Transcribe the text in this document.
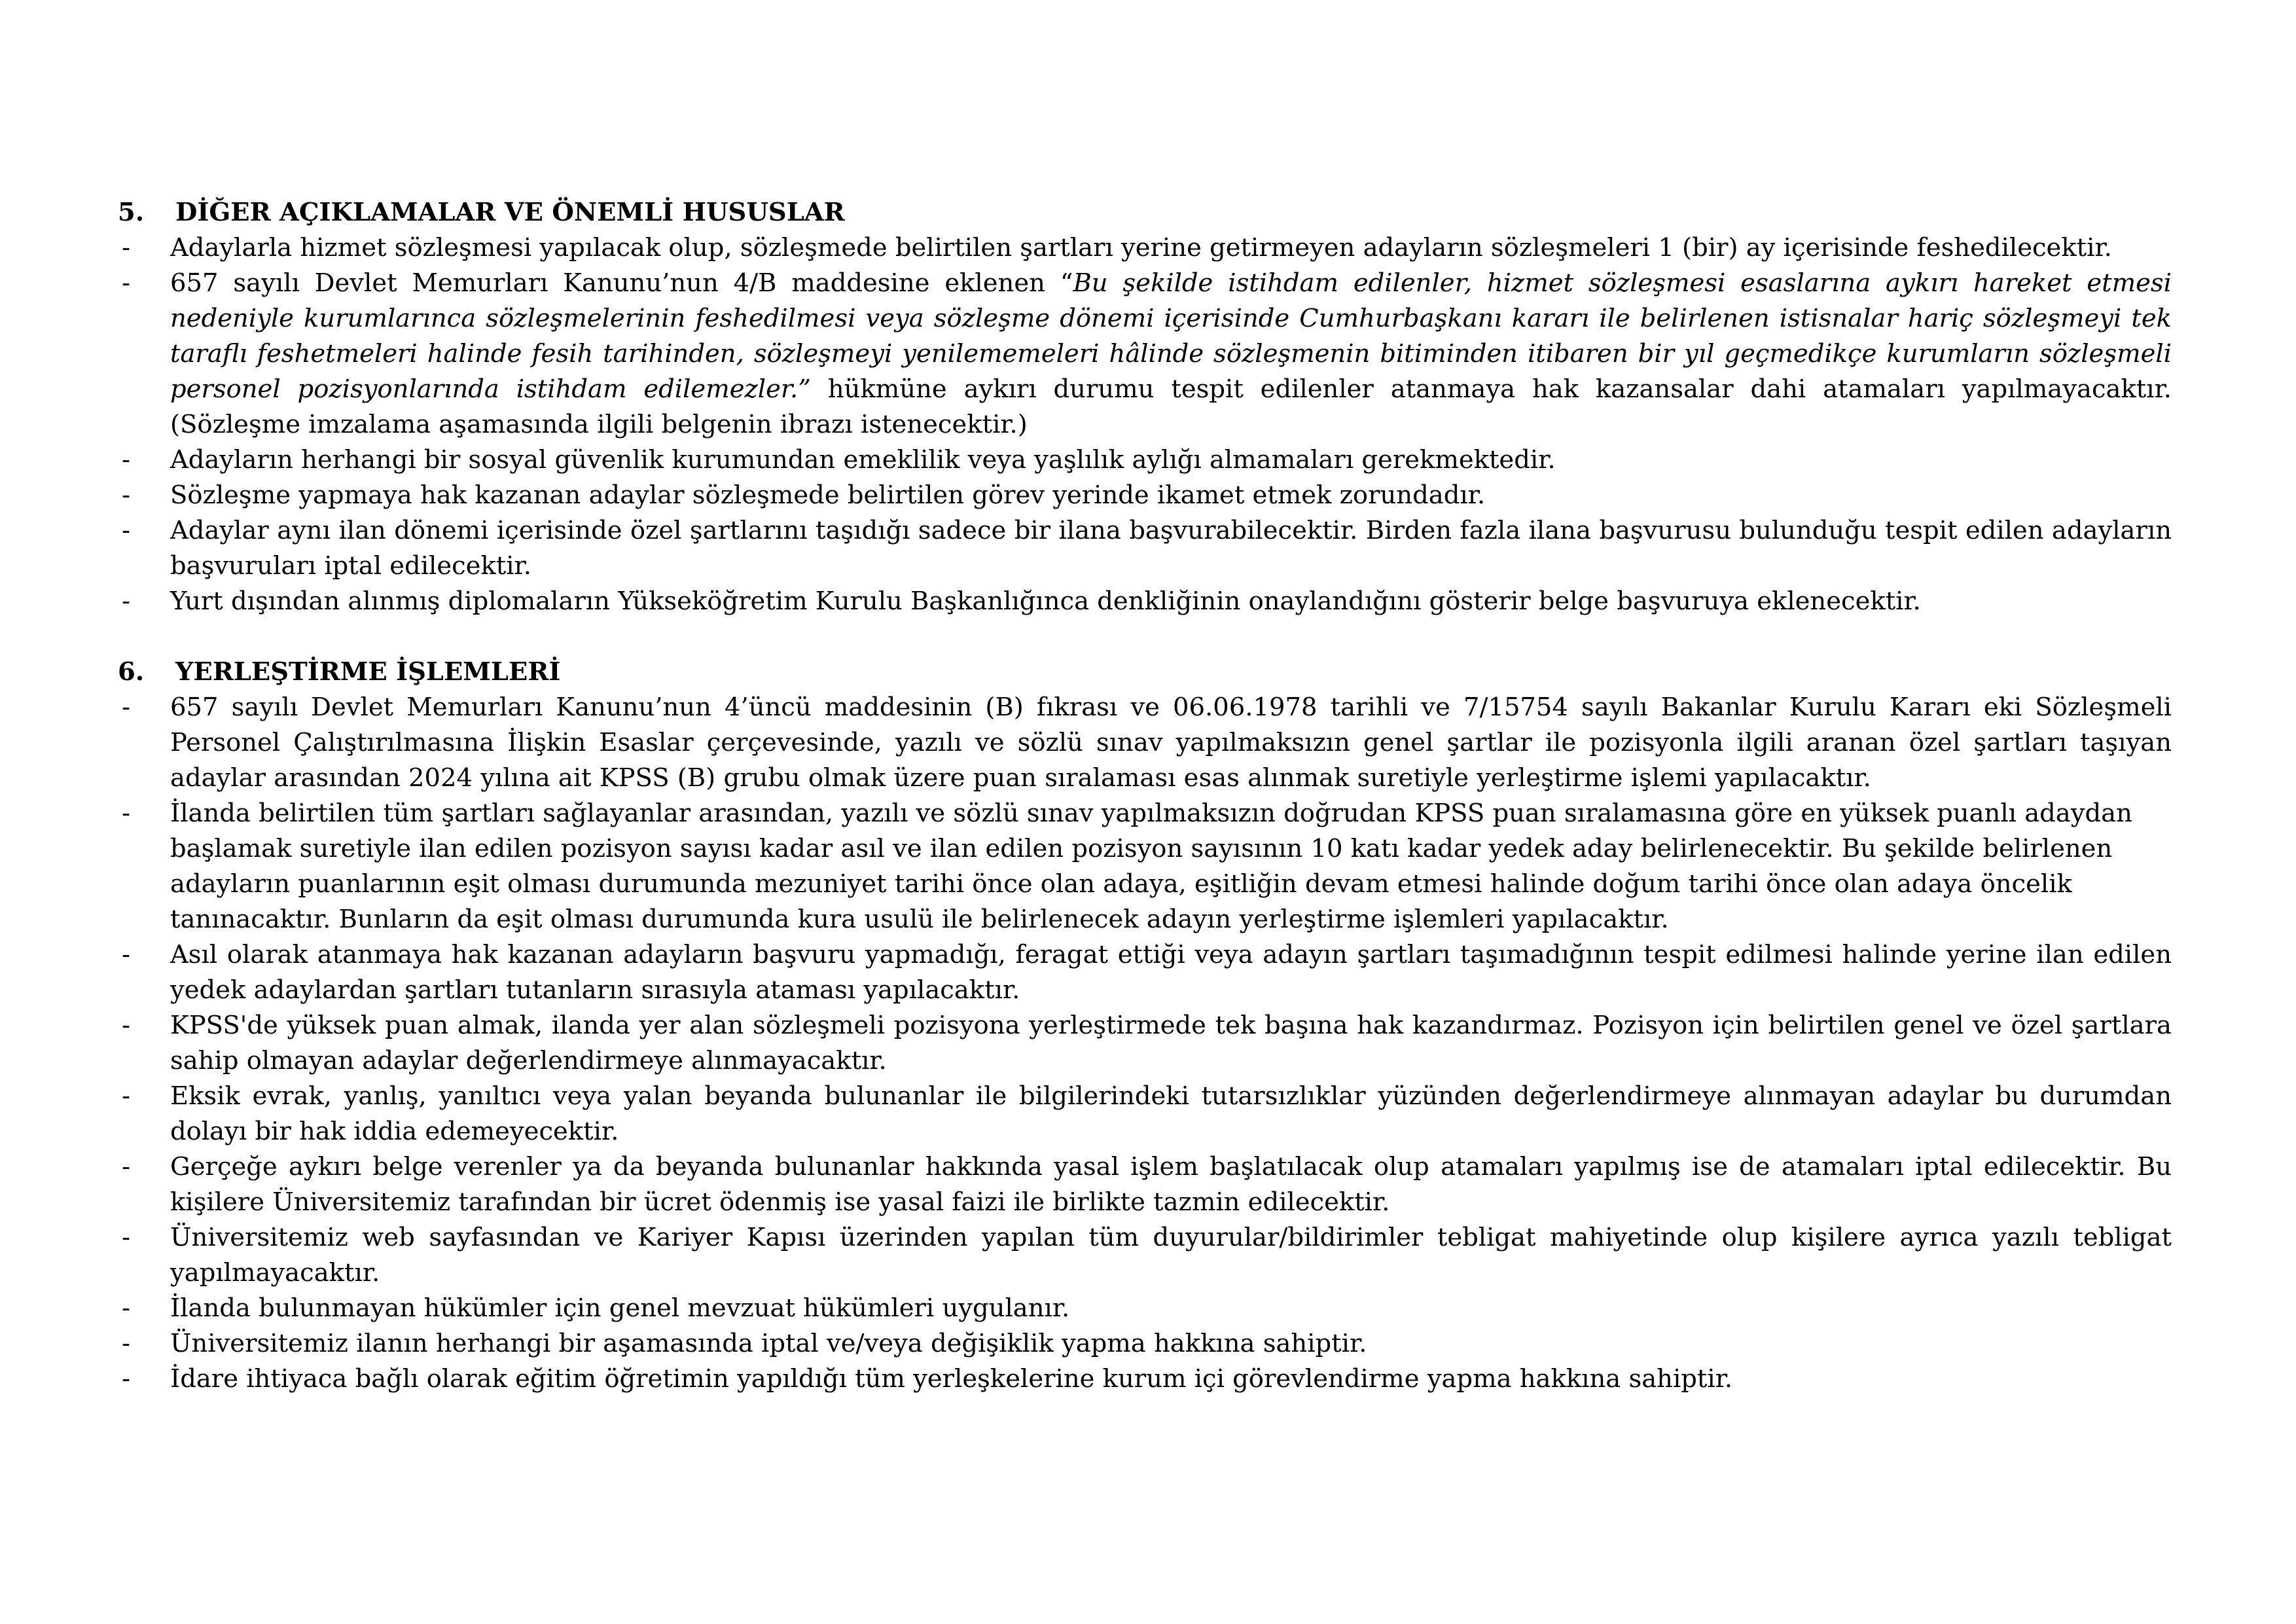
5.	DİĞER AÇIKLAMALAR VE ÖNEMLİ HUSUSLAR
-	Adaylarla hizmet sözleşmesi yapılacak olup, sözleşmede belirtilen şartları yerine getirmeyen adayların sözleşmeleri 1 (bir) ay içerisinde feshedilecektir.
-	657 sayılı Devlet Memurları Kanunu’nun 4/B maddesine eklenen “Bu şekilde istihdam edilenler, hizmet sözleşmesi esaslarına aykırı hareket etmesi nedeniyle kurumlarınca sözleşmelerinin feshedilmesi veya sözleşme dönemi içerisinde Cumhurbaşkanı kararı ile belirlenen istisnalar hariç sözleşmeyi tek taraflı feshetmeleri halinde fesih tarihinden, sözleşmeyi yenilememeleri hâlinde sözleşmenin bitiminden itibaren bir yıl geçmedikçe kurumların sözleşmeli personel pozisyonlarında istihdam edilemezler.” hükmüne aykırı durumu tespit edilenler atanmaya hak kazansalar dahi atamaları yapılmayacaktır. (Sözleşme imzalama aşamasında ilgili belgenin ibrazı istenecektir.)
-	Adayların herhangi bir sosyal güvenlik kurumundan emeklilik veya yaşlılık aylığı almamaları gerekmektedir.
-	Sözleşme yapmaya hak kazanan adaylar sözleşmede belirtilen görev yerinde ikamet etmek zorundadır.
-	Adaylar aynı ilan dönemi içerisinde özel şartlarını taşıdığı sadece bir ilana başvurabilecektir. Birden fazla ilana başvurusu bulunduğu tespit edilen adayların başvuruları iptal edilecektir.
-	Yurt dışından alınmış diplomaların Yükseköğretim Kurulu Başkanlığınca denkliğinin onaylandığını gösterir belge başvuruya eklenecektir.
6.	YERLEŞTİRME İŞLEMLERİ
-	657 sayılı Devlet Memurları Kanunu’nun 4’üncü maddesinin (B) fıkrası ve 06.06.1978 tarihli ve 7/15754 sayılı Bakanlar Kurulu Kararı eki Sözleşmeli Personel Çalıştırılmasına İlişkin Esaslar çerçevesinde, yazılı ve sözlü sınav yapılmaksızın genel şartlar ile pozisyonla ilgili aranan özel şartları taşıyan adaylar arasından 2024 yılına ait KPSS (B) grubu olmak üzere puan sıralaması esas alınmak suretiyle yerleştirme işlemi yapılacaktır.
-	İlanda belirtilen tüm şartları sağlayanlar arasından, yazılı ve sözlü sınav yapılmaksızın doğrudan KPSS puan sıralamasına göre en yüksek puanlı adaydan başlamak suretiyle ilan edilen pozisyon sayısı kadar asıl ve ilan edilen pozisyon sayısının 10 katı kadar yedek aday belirlenecektir. Bu şekilde belirlenen adayların puanlarının eşit olması durumunda mezuniyet tarihi önce olan adaya, eşitliğin devam etmesi halinde doğum tarihi önce olan adaya öncelik tanınacaktır. Bunların da eşit olması durumunda kura usulü ile belirlenecek adayın yerleştirme işlemleri yapılacaktır.
-	Asıl olarak atanmaya hak kazanan adayların başvuru yapmadığı, feragat ettiği veya adayın şartları taşımadığının tespit edilmesi halinde yerine ilan edilen yedek adaylardan şartları tutanların sırasıyla ataması yapılacaktır.
-	KPSS'de yüksek puan almak, ilanda yer alan sözleşmeli pozisyona yerleştirmede tek başına hak kazandırmaz. Pozisyon için belirtilen genel ve özel şartlara sahip olmayan adaylar değerlendirmeye alınmayacaktır.
-	Eksik evrak, yanlış, yanıltıcı veya yalan beyanda bulunanlar ile bilgilerindeki tutarsızlıklar yüzünden değerlendirmeye alınmayan adaylar bu durumdan dolayı bir hak iddia edemeyecektir.
-	Gerçeğe aykırı belge verenler ya da beyanda bulunanlar hakkında yasal işlem başlatılacak olup atamaları yapılmış ise de atamaları iptal edilecektir. Bu kişilere Üniversitemiz tarafından bir ücret ödenmiş ise yasal faizi ile birlikte tazmin edilecektir.
-	Üniversitemiz web sayfasından ve Kariyer Kapısı üzerinden yapılan tüm duyurular/bildirimler tebligat mahiyetinde olup kişilere ayrıca yazılı tebligat yapılmayacaktır.
-	İlanda bulunmayan hükümler için genel mevzuat hükümleri uygulanır.
-	Üniversitemiz ilanın herhangi bir aşamasında iptal ve/veya değişiklik yapma hakkına sahiptir.
-	İdare ihtiyaca bağlı olarak eğitim öğretimin yapıldığı tüm yerleşkelerine kurum içi görevlendirme yapma hakkına sahiptir.
